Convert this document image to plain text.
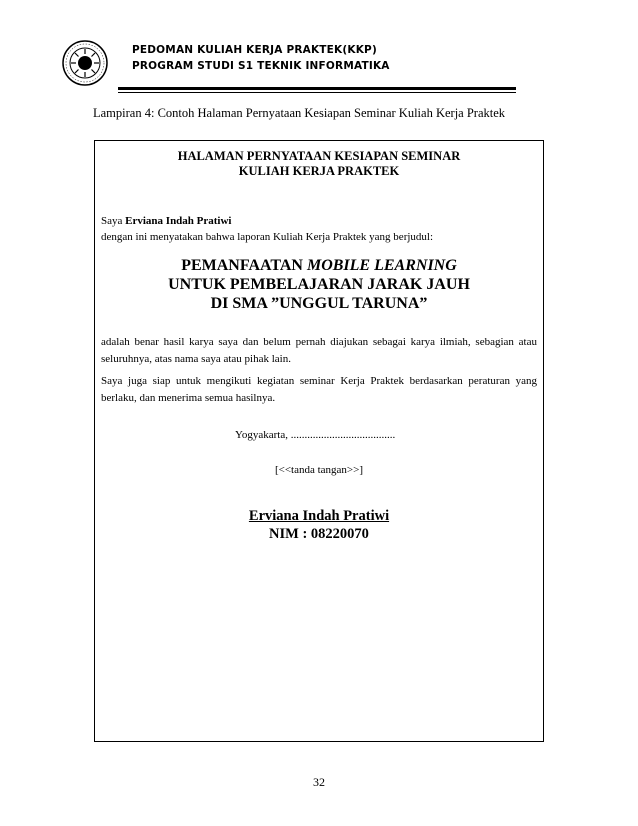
PEDOMAN KULIAH KERJA PRAKTEK(KKP)
PROGRAM STUDI S1 TEKNIK INFORMATIKA
Lampiran 4: Contoh Halaman Pernyataan Kesiapan Seminar Kuliah Kerja Praktek
HALAMAN PERNYATAAN KESIAPAN SEMINAR
KULIAH KERJA PRAKTEK
Saya Erviana Indah Pratiwi
dengan ini menyatakan bahwa laporan Kuliah Kerja Praktek yang berjudul:
PEMANFAATAN MOBILE LEARNING
UNTUK PEMBELAJARAN JARAK JAUH
DI SMA ”UNGGUL TARUNA”
adalah benar hasil karya saya dan belum pernah diajukan sebagai karya ilmiah, sebagian atau seluruhnya, atas nama saya atau pihak lain.
Saya juga siap untuk mengikuti kegiatan seminar Kerja Praktek berdasarkan peraturan yang berlaku, dan menerima semua hasilnya.
Yogyakarta, ......................................
[<<tanda tangan>>]
Erviana Indah Pratiwi
NIM : 08220070
32
